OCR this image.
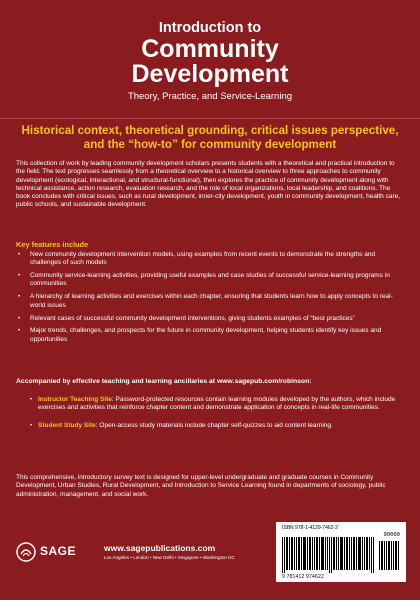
Introduction to
Community
Development
Theory, Practice, and Service-Learning
Historical context, theoretical grounding, critical issues perspective, and the “how-to” for community development
This collection of work by leading community development scholars presents students with a theoretical and practical introduction to the field. The text progresses seamlessly from a theoretical overview to a historical overview to three approaches to community development (ecological, interactional, and structural-functional), then explores the practice of community development along with technical assistance, action research, evaluation research, and the role of local organizations, local leadership, and coalitions. The book concludes with critical issues, such as rural development, inner-city development, youth in community development, health care, public schools, and sustainable development.
Key features include
• New community development intervention models, using examples from recent events to demonstrate the strengths and challenges of such models
• Community service-learning activities, providing useful examples and case studies of successful service-learning programs in communities
• A hierarchy of learning activities and exercises within each chapter, ensuring that students learn how to apply concepts to real-world issues
• Relevant cases of successful community development interventions, giving students examples of “best practices”
• Major trends, challenges, and prospects for the future in community development, helping students identify key issues and opportunities
Accompanied by effective teaching and learning ancillaries at www.sagepub.com/robinson:
• Instructor Teaching Site: Password-protected resources contain learning modules developed by the authors, which include exercises and activities that reinforce chapter content and demonstrate application of concepts in real-life communities.
• Student Study Site: Open-access study materials include chapter self-quizzes to aid content learning.
This comprehensive, introductory survey text is designed for upper-level undergraduate and graduate courses in Community Development, Urban Studies, Rural Development, and Introduction to Service Learning found in departments of sociology, public administration, management, and social work.
ISBN 978-1-4129-7462-2
90000
9 781412 974622
SAGE	www.sagepublications.com
Los Angeles • London • New Delhi • Singapore • Washington DC
